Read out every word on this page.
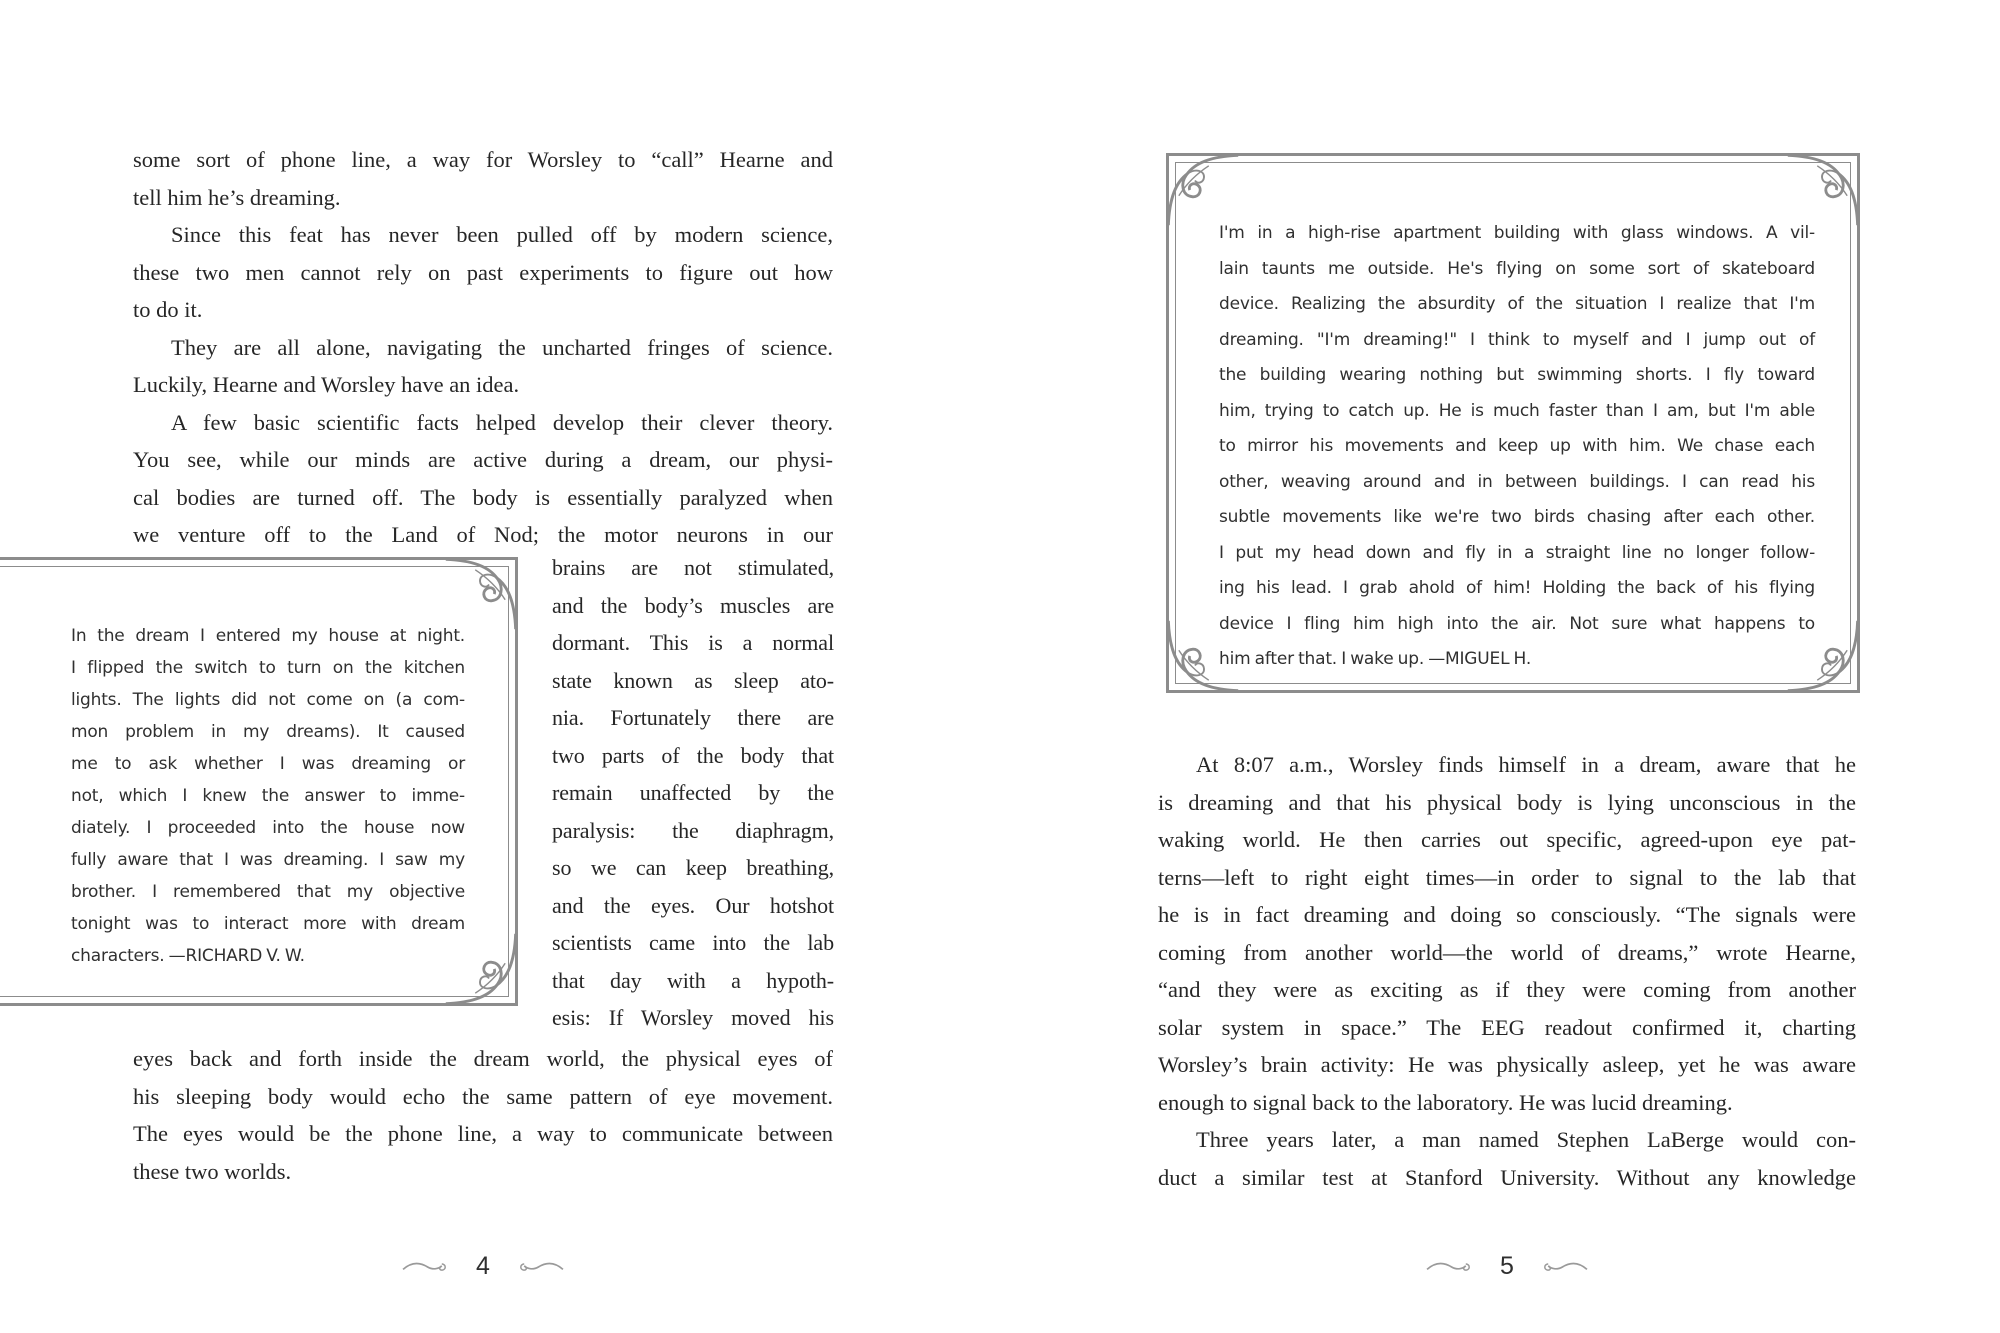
some sort of phone line, a way for Worsley to “call” Hearne and
tell him he’s dreaming.
Since this feat has never been pulled off by modern science,
these two men cannot rely on past experiments to figure out how
to do it.
They are all alone, navigating the uncharted fringes of science.
Luckily, Hearne and Worsley have an idea.
A few basic scientific facts helped develop their clever theory.
You see, while our minds are active during a dream, our physi-
cal bodies are turned off. The body is essentially paralyzed when
we venture off to the Land of Nod; the motor neurons in our
In the dream I entered my house at night.
I flipped the switch to turn on the kitchen
lights. The lights did not come on (a com-
mon problem in my dreams). It caused
me to ask whether I was dreaming or
not, which I knew the answer to imme-
diately. I proceeded into the house now
fully aware that I was dreaming. I saw my
brother. I remembered that my objective
tonight was to interact more with dream
characters. —RICHARD V. W.
brains are not stimulated,
and the body’s muscles are
dormant. This is a normal
state known as sleep ato-
nia. Fortunately there are
two parts of the body that
remain unaffected by the
paralysis: the diaphragm,
so we can keep breathing,
and the eyes. Our hotshot
scientists came into the lab
that day with a hypoth-
esis: If Worsley moved his
eyes back and forth inside the dream world, the physical eyes of
his sleeping body would echo the same pattern of eye movement.
The eyes would be the phone line, a way to communicate between
these two worlds.
4
I'm in a high-rise apartment building with glass windows. A vil-
lain taunts me outside. He's flying on some sort of skateboard
device. Realizing the absurdity of the situation I realize that I'm
dreaming. "I'm dreaming!" I think to myself and I jump out of
the building wearing nothing but swimming shorts. I fly toward
him, trying to catch up. He is much faster than I am, but I'm able
to mirror his movements and keep up with him. We chase each
other, weaving around and in between buildings. I can read his
subtle movements like we're two birds chasing after each other.
I put my head down and fly in a straight line no longer follow-
ing his lead. I grab ahold of him! Holding the back of his flying
device I fling him high into the air. Not sure what happens to
him after that. I wake up. —MIGUEL H.
At 8:07 a.m., Worsley finds himself in a dream, aware that he
is dreaming and that his physical body is lying unconscious in the
waking world. He then carries out specific, agreed-upon eye pat-
terns—left to right eight times—in order to signal to the lab that
he is in fact dreaming and doing so consciously. “The signals were
coming from another world—the world of dreams,” wrote Hearne,
“and they were as exciting as if they were coming from another
solar system in space.” The EEG readout confirmed it, charting
Worsley’s brain activity: He was physically asleep, yet he was aware
enough to signal back to the laboratory. He was lucid dreaming.
Three years later, a man named Stephen LaBerge would con-
duct a similar test at Stanford University. Without any knowledge
5
